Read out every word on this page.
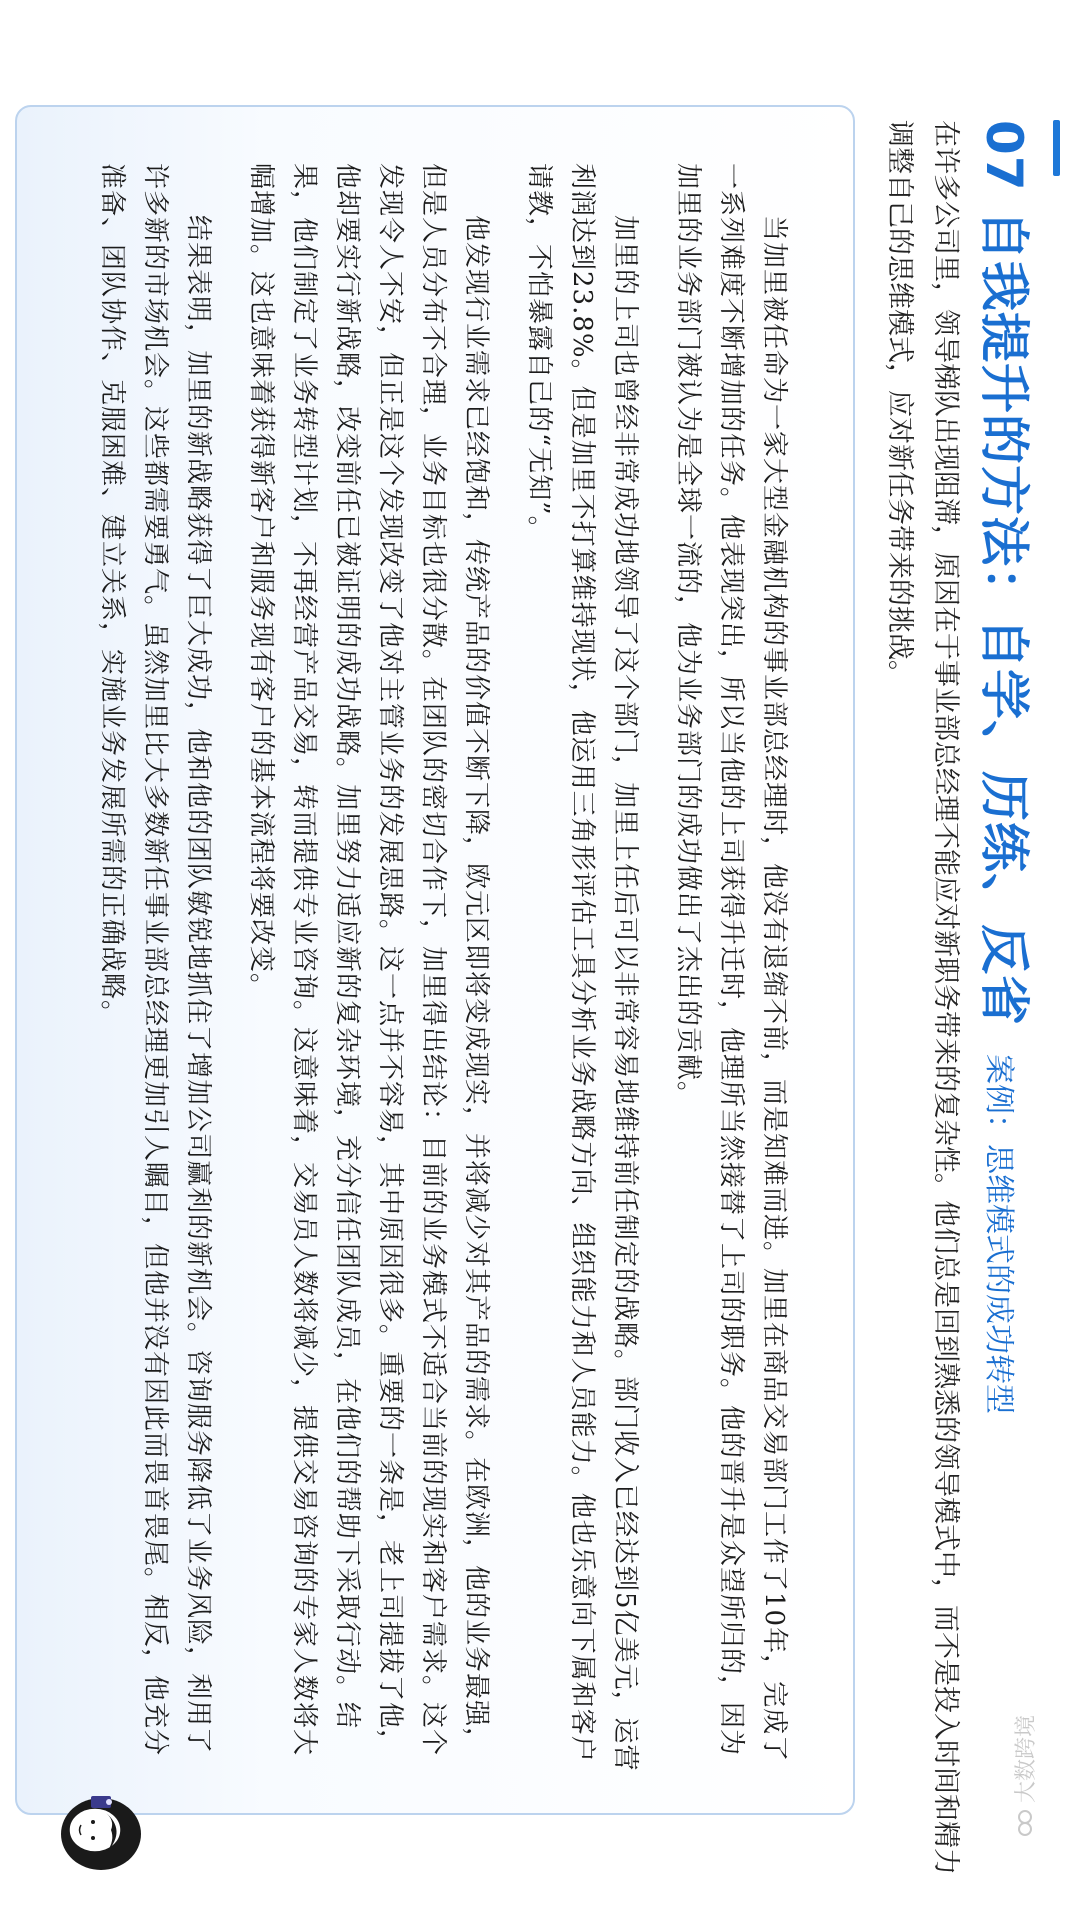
07 自我提升的方法：自学、历练、反省
案例：思维模式的成功转型

在许多公司里，领导梯队出现阻滞，原因在于事业部总经理不能应对新职务带来的复杂性。他们总是回到熟悉的领导模式中，而不是投入时间和精力调整自己的思维模式，应对新任务带来的挑战。

当加里被任命为一家大型金融机构的事业部总经理时，他没有退缩不前，而是知难而进。加里在商品交易部门工作了10年，完成了一系列难度不断增加的任务。他表现突出，所以当他的上司获得升迁时，他理所当然接替了上司的职务。他的晋升是众望所归的，因为加里的业务部门被认为是全球一流的，他为业务部门的成功做出了杰出的贡献。

加里的上司也曾经非常成功地领导了这个部门，加里上任后可以非常容易地维持前任制定的战略。部门收入已经达到5亿美元，运营利润达到23.8%。但是加里不打算维持现状，他运用三角形评估工具分析业务战略方向、组织能力和人员能力。他也乐意向下属和客户请教，不怕暴露自己的“无知”。

他发现行业需求已经饱和，传统产品的价值不断下降，欧元区即将变成现实，并将减少对其产品的需求。在欧洲，他的业务最强，但是人员分布不合理，业务目标也很分散。在团队的密切合作下，加里得出结论：目前的业务模式不适合当前的现实和客户需求。这个发现令人不安，但正是这个发现改变了他对主管业务的发展思路。这一点并不容易，其中原因很多。重要的一条是，老上司提拔了他，他却要实行新战略，改变前任已被证明的成功战略。加里努力适应新的复杂环境，充分信任团队成员，在他们的帮助下采取行动。结果，他们制定了业务转型计划，不再经营产品交易，转而提供专业咨询。这意味着，交易员人数将减少，提供交易咨询的专家人数将大幅增加。这也意味着获得新客户和服务现有客户的基本流程将要改变。

结果表明，加里的新战略获得了巨大成功，他和他的团队敏锐地抓住了增加公司赢利的新机会。咨询服务降低了业务风险，利用了许多新的市场机会。这些都需要勇气。虽然加里比大多数新任事业部总经理更加引人瞩目，但他并没有因此而畏首畏尾。相反，他充分准备、团队协作、克服困难、建立关系，实施业务发展所需的正确战略。

大数跨境
